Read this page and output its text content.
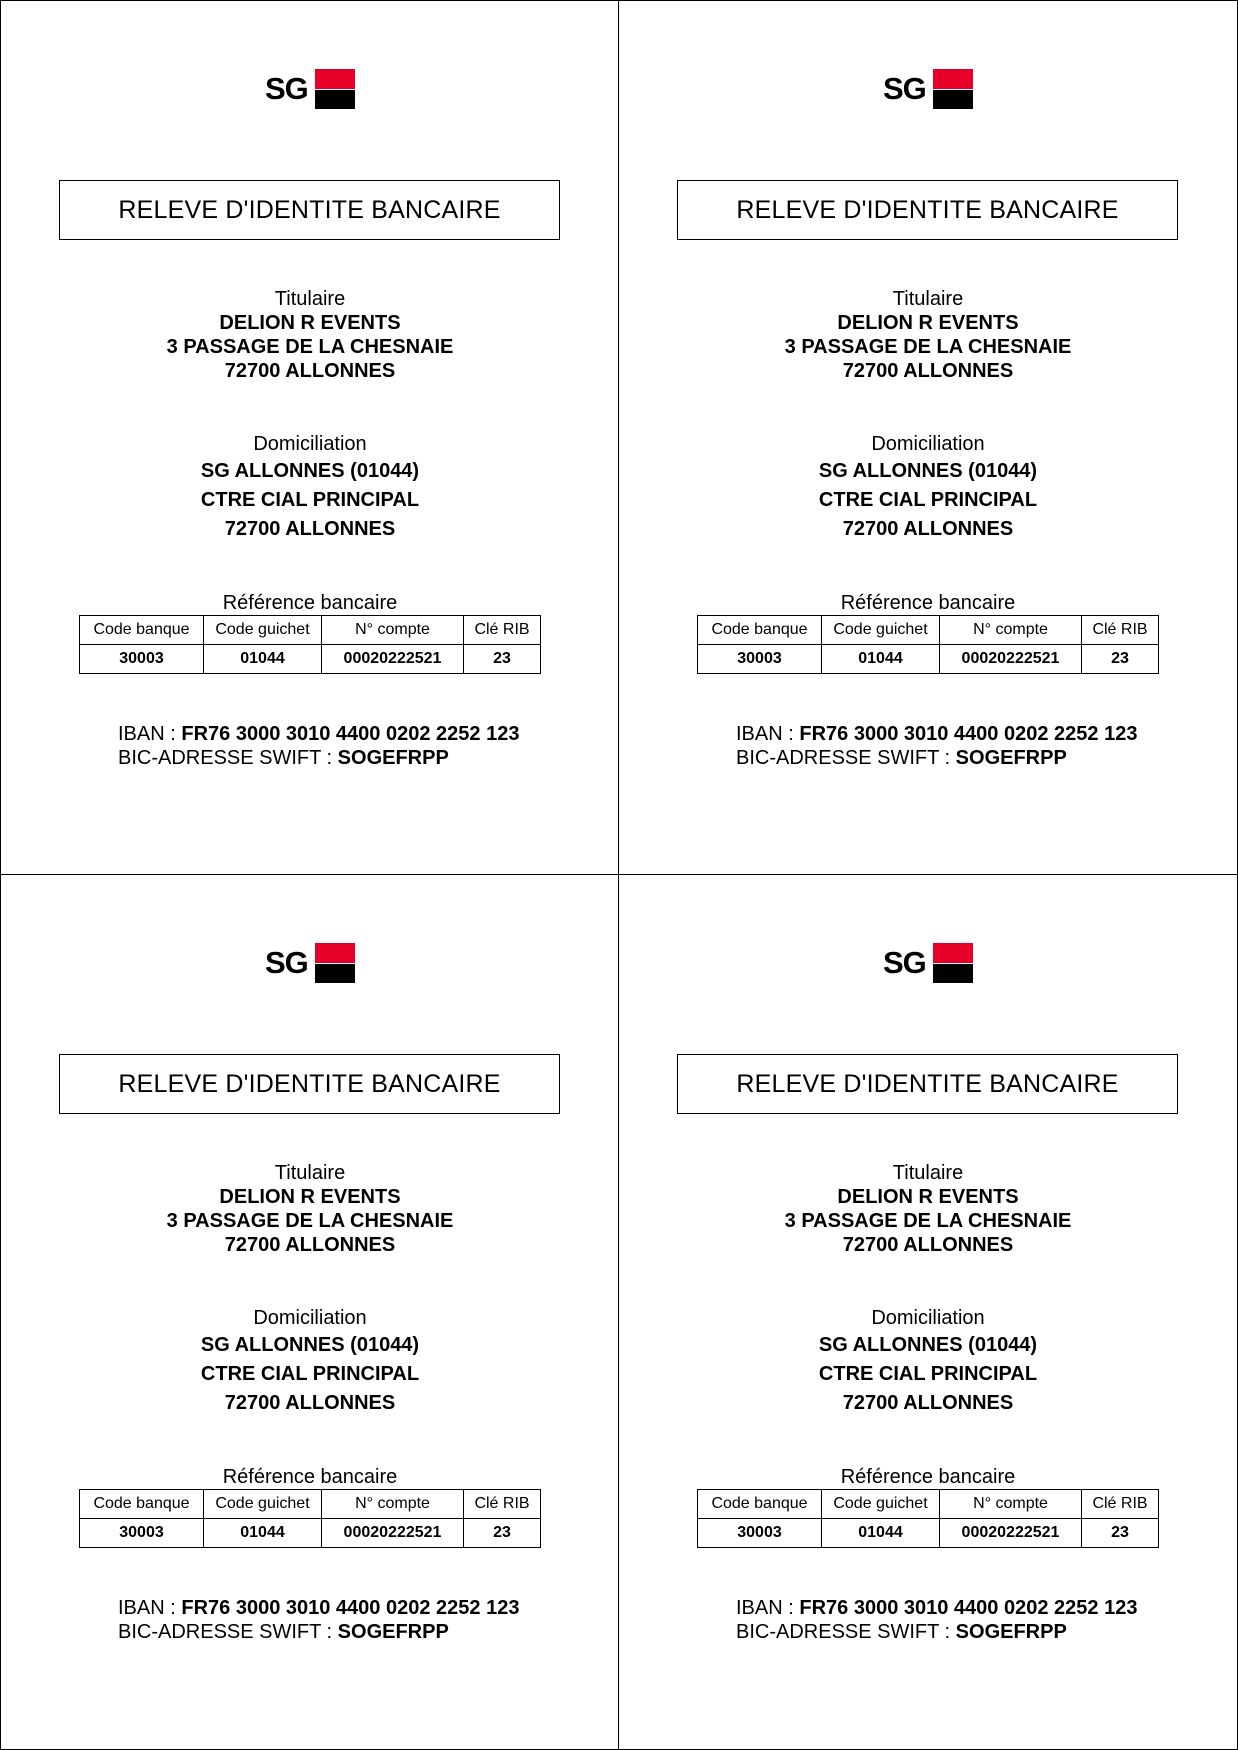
SG
RELEVE D'IDENTITE BANCAIRE
Titulaire
DELION R EVENTS
3 PASSAGE DE LA CHESNAIE
72700 ALLONNES
Domiciliation
SG ALLONNES (01044)
CTRE CIAL PRINCIPAL
72700 ALLONNES
Référence bancaire
Code banque	Code guichet	N° compte	Clé RIB
30003	01044	00020222521	23
IBAN : FR76 3000 3010 4400 0202 2252 123
BIC-ADRESSE SWIFT : SOGEFRPP
SG
RELEVE D'IDENTITE BANCAIRE
Titulaire
DELION R EVENTS
3 PASSAGE DE LA CHESNAIE
72700 ALLONNES
Domiciliation
SG ALLONNES (01044)
CTRE CIAL PRINCIPAL
72700 ALLONNES
Référence bancaire
Code banque	Code guichet	N° compte	Clé RIB
30003	01044	00020222521	23
IBAN : FR76 3000 3010 4400 0202 2252 123
BIC-ADRESSE SWIFT : SOGEFRPP
SG
RELEVE D'IDENTITE BANCAIRE
Titulaire
DELION R EVENTS
3 PASSAGE DE LA CHESNAIE
72700 ALLONNES
Domiciliation
SG ALLONNES (01044)
CTRE CIAL PRINCIPAL
72700 ALLONNES
Référence bancaire
Code banque	Code guichet	N° compte	Clé RIB
30003	01044	00020222521	23
IBAN : FR76 3000 3010 4400 0202 2252 123
BIC-ADRESSE SWIFT : SOGEFRPP
SG
RELEVE D'IDENTITE BANCAIRE
Titulaire
DELION R EVENTS
3 PASSAGE DE LA CHESNAIE
72700 ALLONNES
Domiciliation
SG ALLONNES (01044)
CTRE CIAL PRINCIPAL
72700 ALLONNES
Référence bancaire
Code banque	Code guichet	N° compte	Clé RIB
30003	01044	00020222521	23
IBAN : FR76 3000 3010 4400 0202 2252 123
BIC-ADRESSE SWIFT : SOGEFRPP
